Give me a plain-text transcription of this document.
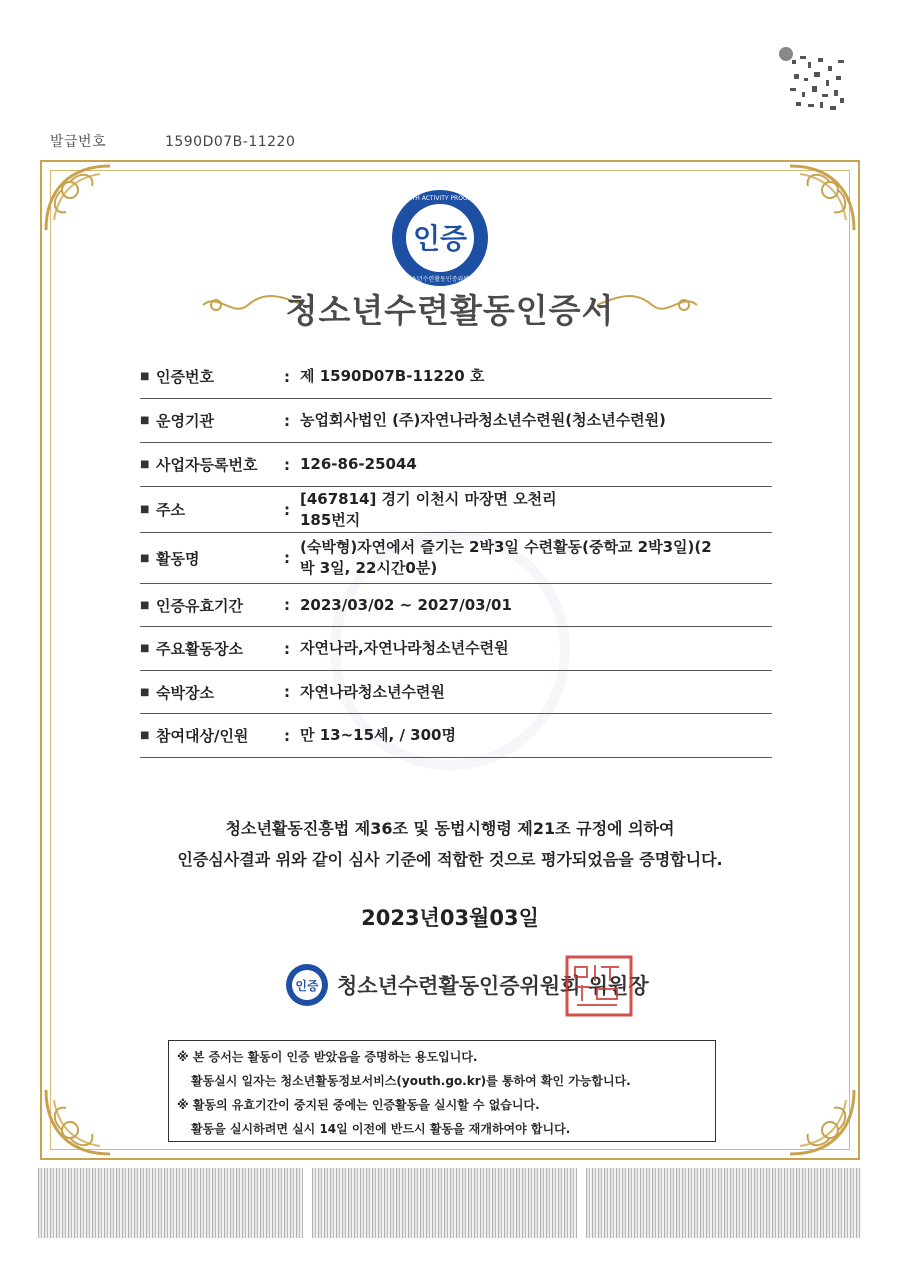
발급번호	1590D07B-11220
인증
YOUTH ACTIVITY PROGRAM
청소년수련활동인증위원회
청소년수련활동인증서
■ 인증번호	: 제 1590D07B-11220 호
■ 운영기관	: 농업회사법인 (주)자연나라청소년수련원(청소년수련원)
■ 사업자등록번호	: 126-86-25044
■ 주소	:
[467814] 경기 이천시 마장면 오천리
185번지
■ 활동명	:
(숙박형)자연에서 즐기는 2박3일 수련활동(중학교 2박3일)(2
박 3일, 22시간0분)
■ 인증유효기간	: 2023/03/02 ~ 2027/03/01
■ 주요활동장소	: 자연나라,자연나라청소년수련원
■ 숙박장소	: 자연나라청소년수련원
■ 참여대상/인원	: 만 13~15세, / 300명
청소년활동진흥법 제36조 및 동법시행령 제21조 규정에 의하여
인증심사결과 위와 같이 심사 기준에 적합한 것으로 평가되었음을 증명합니다.
2023년03월03일
인증 청소년수련활동인증위원회 위원장
※ 본 증서는 활동이 인증 받았음을 증명하는 용도입니다.
활동실시 일자는 청소년활동정보서비스(youth.go.kr)를 통하여 확인 가능합니다.
※ 활동의 유효기간이 중지된 중에는 인증활동을 실시할 수 없습니다.
활동을 실시하려면 실시 14일 이전에 반드시 활동을 재개하여야 합니다.
